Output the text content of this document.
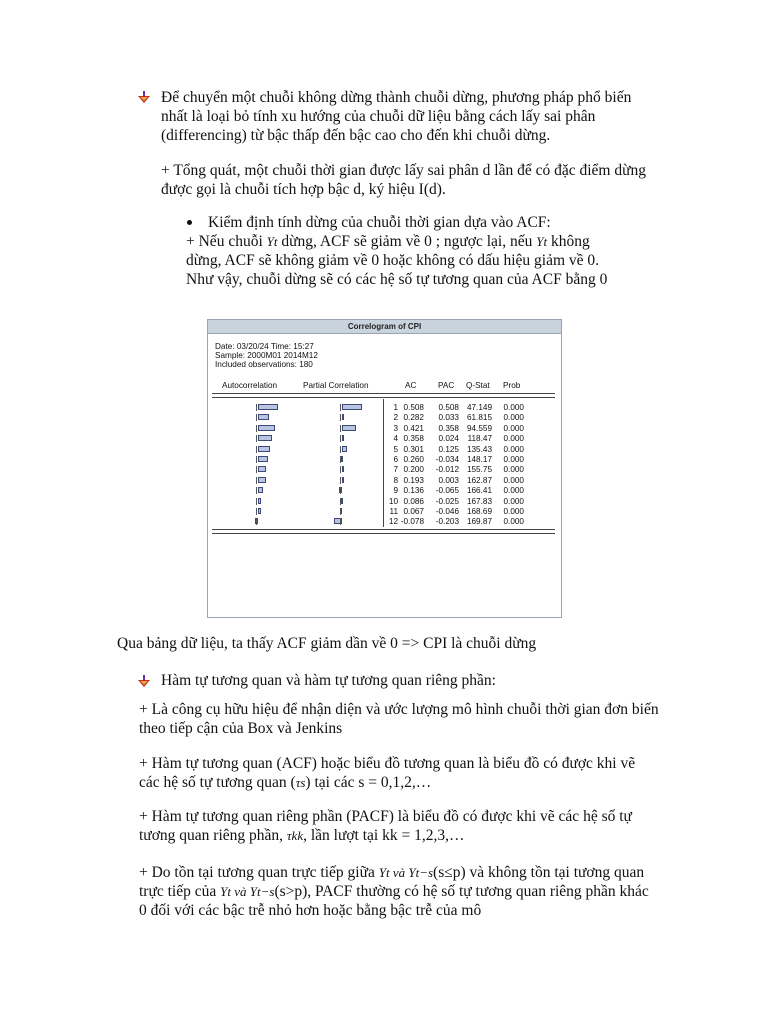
Để chuyển một chuỗi không dừng thành chuỗi dừng, phương pháp phổ biến nhất là loại bỏ tính xu hướng của chuỗi dữ liệu bằng cách lấy sai phân (differencing) từ bậc thấp đến bậc cao cho đến khi chuỗi dừng.

+ Tổng quát, một chuỗi thời gian được lấy sai phân d lần để có đặc điểm dừng được gọi là chuỗi tích hợp bậc d, ký hiệu I(d).

Kiểm định tính dừng của chuỗi thời gian dựa vào ACF:

+ Nếu chuỗi Yt dừng, ACF sẽ giảm về 0 ; ngược lại, nếu Yt không

dừng, ACF sẽ không giảm về 0 hoặc không có dấu hiệu giảm về 0.

Như vậy, chuỗi dừng sẽ có các hệ số tự tương quan của ACF bằng 0

Correlogram of CPI
Date: 03/20/24 Time: 15:27
Sample: 2000M01 2014M12
Included observations: 180
Autocorrelation	Partial Correlation	AC	PAC Q-Stat Prob
1 0.508 0.508 47.149 0.000
2 0.282 0.033 61.815 0.000
3 0.421 0.358 94.559 0.000
4 0.358 0.024 118.47 0.000
5 0.301 0.125 135.43 0.000
6 0.260 -0.034 148.17 0.000
7 0.200 -0.012 155.75 0.000
8 0.193 0.003 162.87 0.000
9 0.136 -0.065 166.41 0.000
10 0.086 -0.025 167.83 0.000
11 0.067 -0.046 168.69 0.000
12 -0.078 -0.203 169.87 0.000

Qua bảng dữ liệu, ta thấy ACF giảm dần về 0 => CPI là chuỗi dừng

Hàm tự tương quan và hàm tự tương quan riêng phần:

+ Là công cụ hữu hiệu để nhận diện và ước lượng mô hình chuỗi thời gian đơn biến theo tiếp cận của Box và Jenkins

+ Hàm tự tương quan (ACF) hoặc biểu đồ tương quan là biểu đồ có được khi vẽ các hệ số tự tương quan (τs) tại các s = 0,1,2,…

+ Hàm tự tương quan riêng phần (PACF) là biểu đồ có được khi vẽ các hệ số tự tương quan riêng phần, τkk, lần lượt tại kk = 1,2,3,…

+ Do tồn tại tương quan trực tiếp giữa Yt và Yt−s(s≤p) và không tồn tại tương quan trực tiếp của Yt và Yt−s(s>p), PACF thường có hệ số tự tương quan riêng phần khác 0 đối với các bậc trễ nhỏ hơn hoặc bằng bậc trễ của mô
